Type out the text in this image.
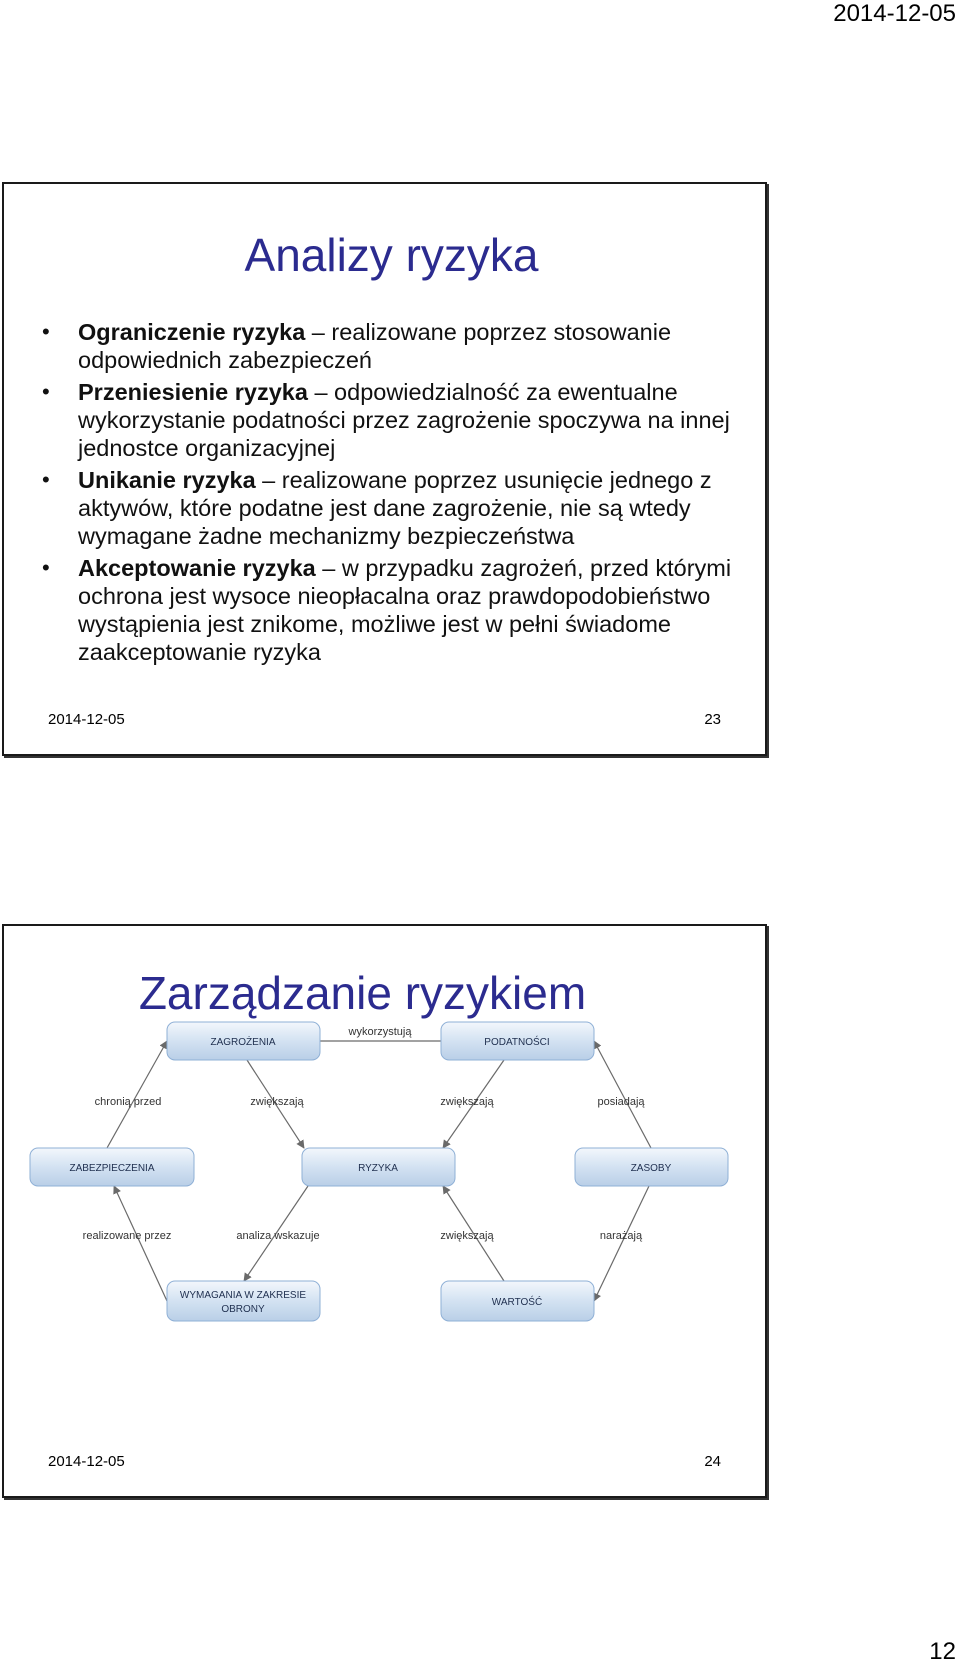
2014-12-05
Analizy ryzyka
• Ograniczenie ryzyka – realizowane poprzez stosowanie odpowiednich zabezpieczeń
• Przeniesienie ryzyka – odpowiedzialność za ewentualne wykorzystanie podatności przez zagrożenie spoczywa na innej jednostce organizacyjnej
• Unikanie ryzyka – realizowane poprzez usunięcie jednego z aktywów, które podatne jest dane zagrożenie, nie są wtedy wymagane żadne mechanizmy bezpieczeństwa
• Akceptowanie ryzyka – w przypadku zagrożeń, przed którymi ochrona jest wysoce nieopłacalna oraz prawdopodobieństwo wystąpienia jest znikome, możliwe jest w pełni świadome zaakceptowanie ryzyka
2014-12-05	23
Zarządzanie ryzykiem
wykorzystują
chronią przed	zwiększają	zwiększają	posiadają
realizowane przez	analiza wskazuje	zwiększają	narażają
ZAGROŻENIA	PODATNOŚCI
ZABEZPIECZENIA	RYZYKA	ZASOBY
WYMAGANIA W ZAKRESIE
OBRONY
WARTOŚĆ
2014-12-05	24
12
